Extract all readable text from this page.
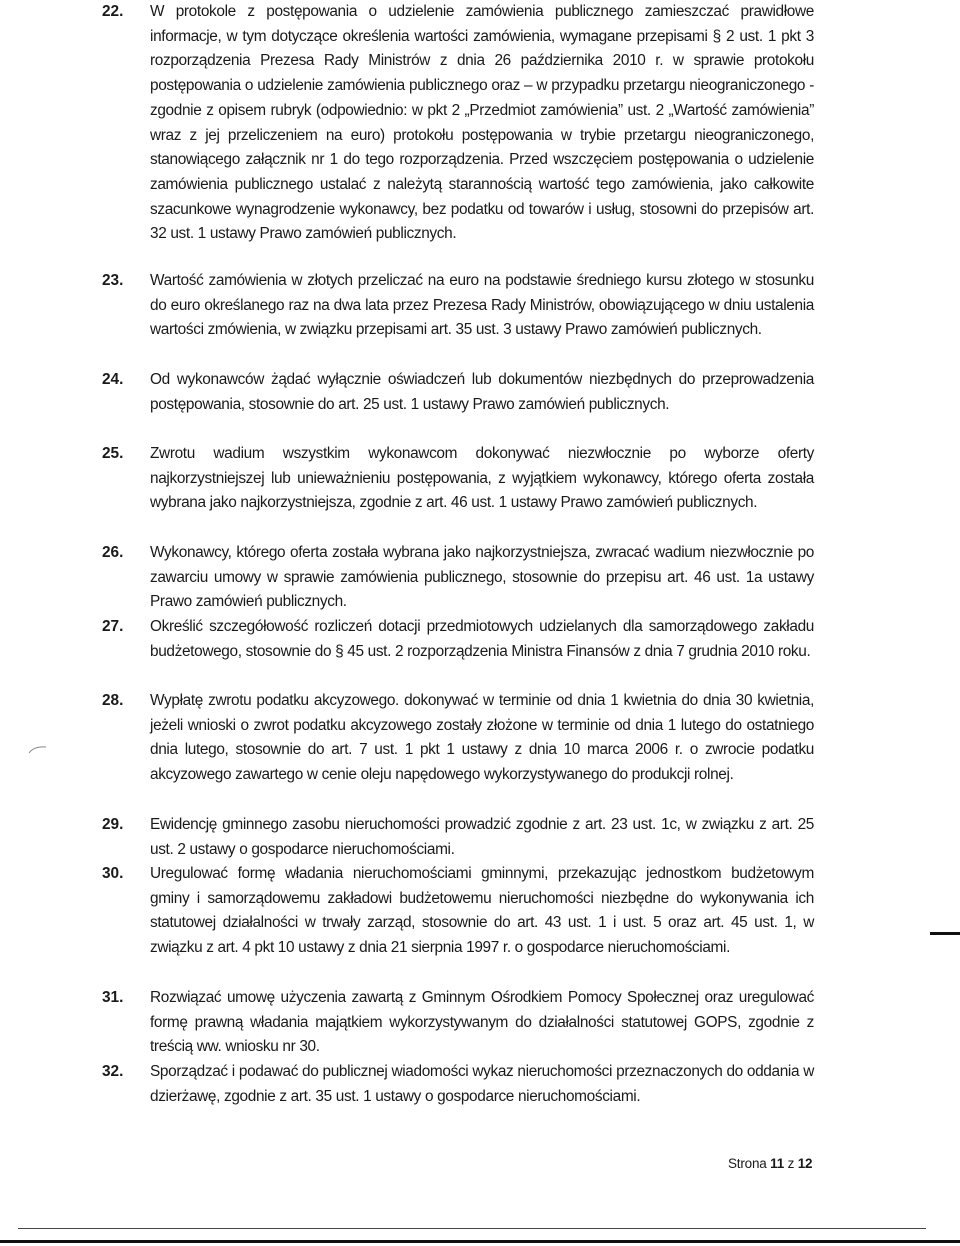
22. W protokole z postępowania o udzielenie zamówienia publicznego zamieszczać prawidłowe informacje, w tym dotyczące określenia wartości zamówienia, wymagane przepisami § 2 ust. 1 pkt 3 rozporządzenia Prezesa Rady Ministrów z dnia 26 października 2010 r. w sprawie protokołu postępowania o udzielenie zamówienia publicznego oraz – w przypadku przetargu nieograniczonego - zgodnie z opisem rubryk (odpowiednio: w pkt 2 „Przedmiot zamówienia” ust. 2 „Wartość zamówienia” wraz z jej przeliczeniem na euro) protokołu postępowania w trybie przetargu nieograniczonego, stanowiącego załącznik nr 1 do tego rozporządzenia. Przed wszczęciem postępowania o udzielenie zamówienia publicznego ustalać z należytą starannością wartość tego zamówienia, jako całkowite szacunkowe wynagrodzenie wykonawcy, bez podatku od towarów i usług, stosowni do przepisów art. 32 ust. 1 ustawy Prawo zamówień publicznych.
23. Wartość zamówienia w złotych przeliczać na euro na podstawie średniego kursu złotego w stosunku do euro określanego raz na dwa lata przez Prezesa Rady Ministrów, obowiązującego w dniu ustalenia wartości zmówienia, w związku przepisami art. 35 ust. 3 ustawy Prawo zamówień publicznych.
24. Od wykonawców żądać wyłącznie oświadczeń lub dokumentów niezbędnych do przeprowadzenia postępowania, stosownie do art. 25 ust. 1 ustawy Prawo zamówień publicznych.
25. Zwrotu wadium wszystkim wykonawcom dokonywać niezwłocznie po wyborze oferty najkorzystniejszej lub unieważnieniu postępowania, z wyjątkiem wykonawcy, którego oferta została wybrana jako najkorzystniejsza, zgodnie z art. 46 ust. 1 ustawy Prawo zamówień publicznych.
26. Wykonawcy, którego oferta została wybrana jako najkorzystniejsza, zwracać wadium niezwłocznie po zawarciu umowy w sprawie zamówienia publicznego, stosownie do przepisu art. 46 ust. 1a ustawy Prawo zamówień publicznych.
27. Określić szczegółowość rozliczeń dotacji przedmiotowych udzielanych dla samorządowego zakładu budżetowego, stosownie do § 45 ust. 2 rozporządzenia Ministra Finansów z dnia 7 grudnia 2010 roku.
28. Wypłatę zwrotu podatku akcyzowego. dokonywać w terminie od dnia 1 kwietnia do dnia 30 kwietnia, jeżeli wnioski o zwrot podatku akcyzowego zostały złożone w terminie od dnia 1 lutego do ostatniego dnia lutego, stosownie do art. 7 ust. 1 pkt 1 ustawy z dnia 10 marca 2006 r. o zwrocie podatku akcyzowego zawartego w cenie oleju napędowego wykorzystywanego do produkcji rolnej.
29. Ewidencję gminnego zasobu nieruchomości prowadzić zgodnie z art. 23 ust. 1c, w związku z art. 25 ust. 2 ustawy o gospodarce nieruchomościami.
30. Uregulować formę władania nieruchomościami gminnymi, przekazując jednostkom budżetowym gminy i samorządowemu zakładowi budżetowemu nieruchomości niezbędne do wykonywania ich statutowej działalności w trwały zarząd, stosownie do art. 43 ust. 1 i ust. 5 oraz art. 45 ust. 1, w związku z art. 4 pkt 10 ustawy z dnia 21 sierpnia 1997 r. o gospodarce nieruchomościami.
31. Rozwiązać umowę użyczenia zawartą z Gminnym Ośrodkiem Pomocy Społecznej oraz uregulować formę prawną władania majątkiem wykorzystywanym do działalności statutowej GOPS, zgodnie z treścią ww. wniosku nr 30.
32. Sporządzać i podawać do publicznej wiadomości wykaz nieruchomości przeznaczonych do oddania w dzierżawę, zgodnie z art. 35 ust. 1 ustawy o gospodarce nieruchomościami.
Strona 11 z 12
